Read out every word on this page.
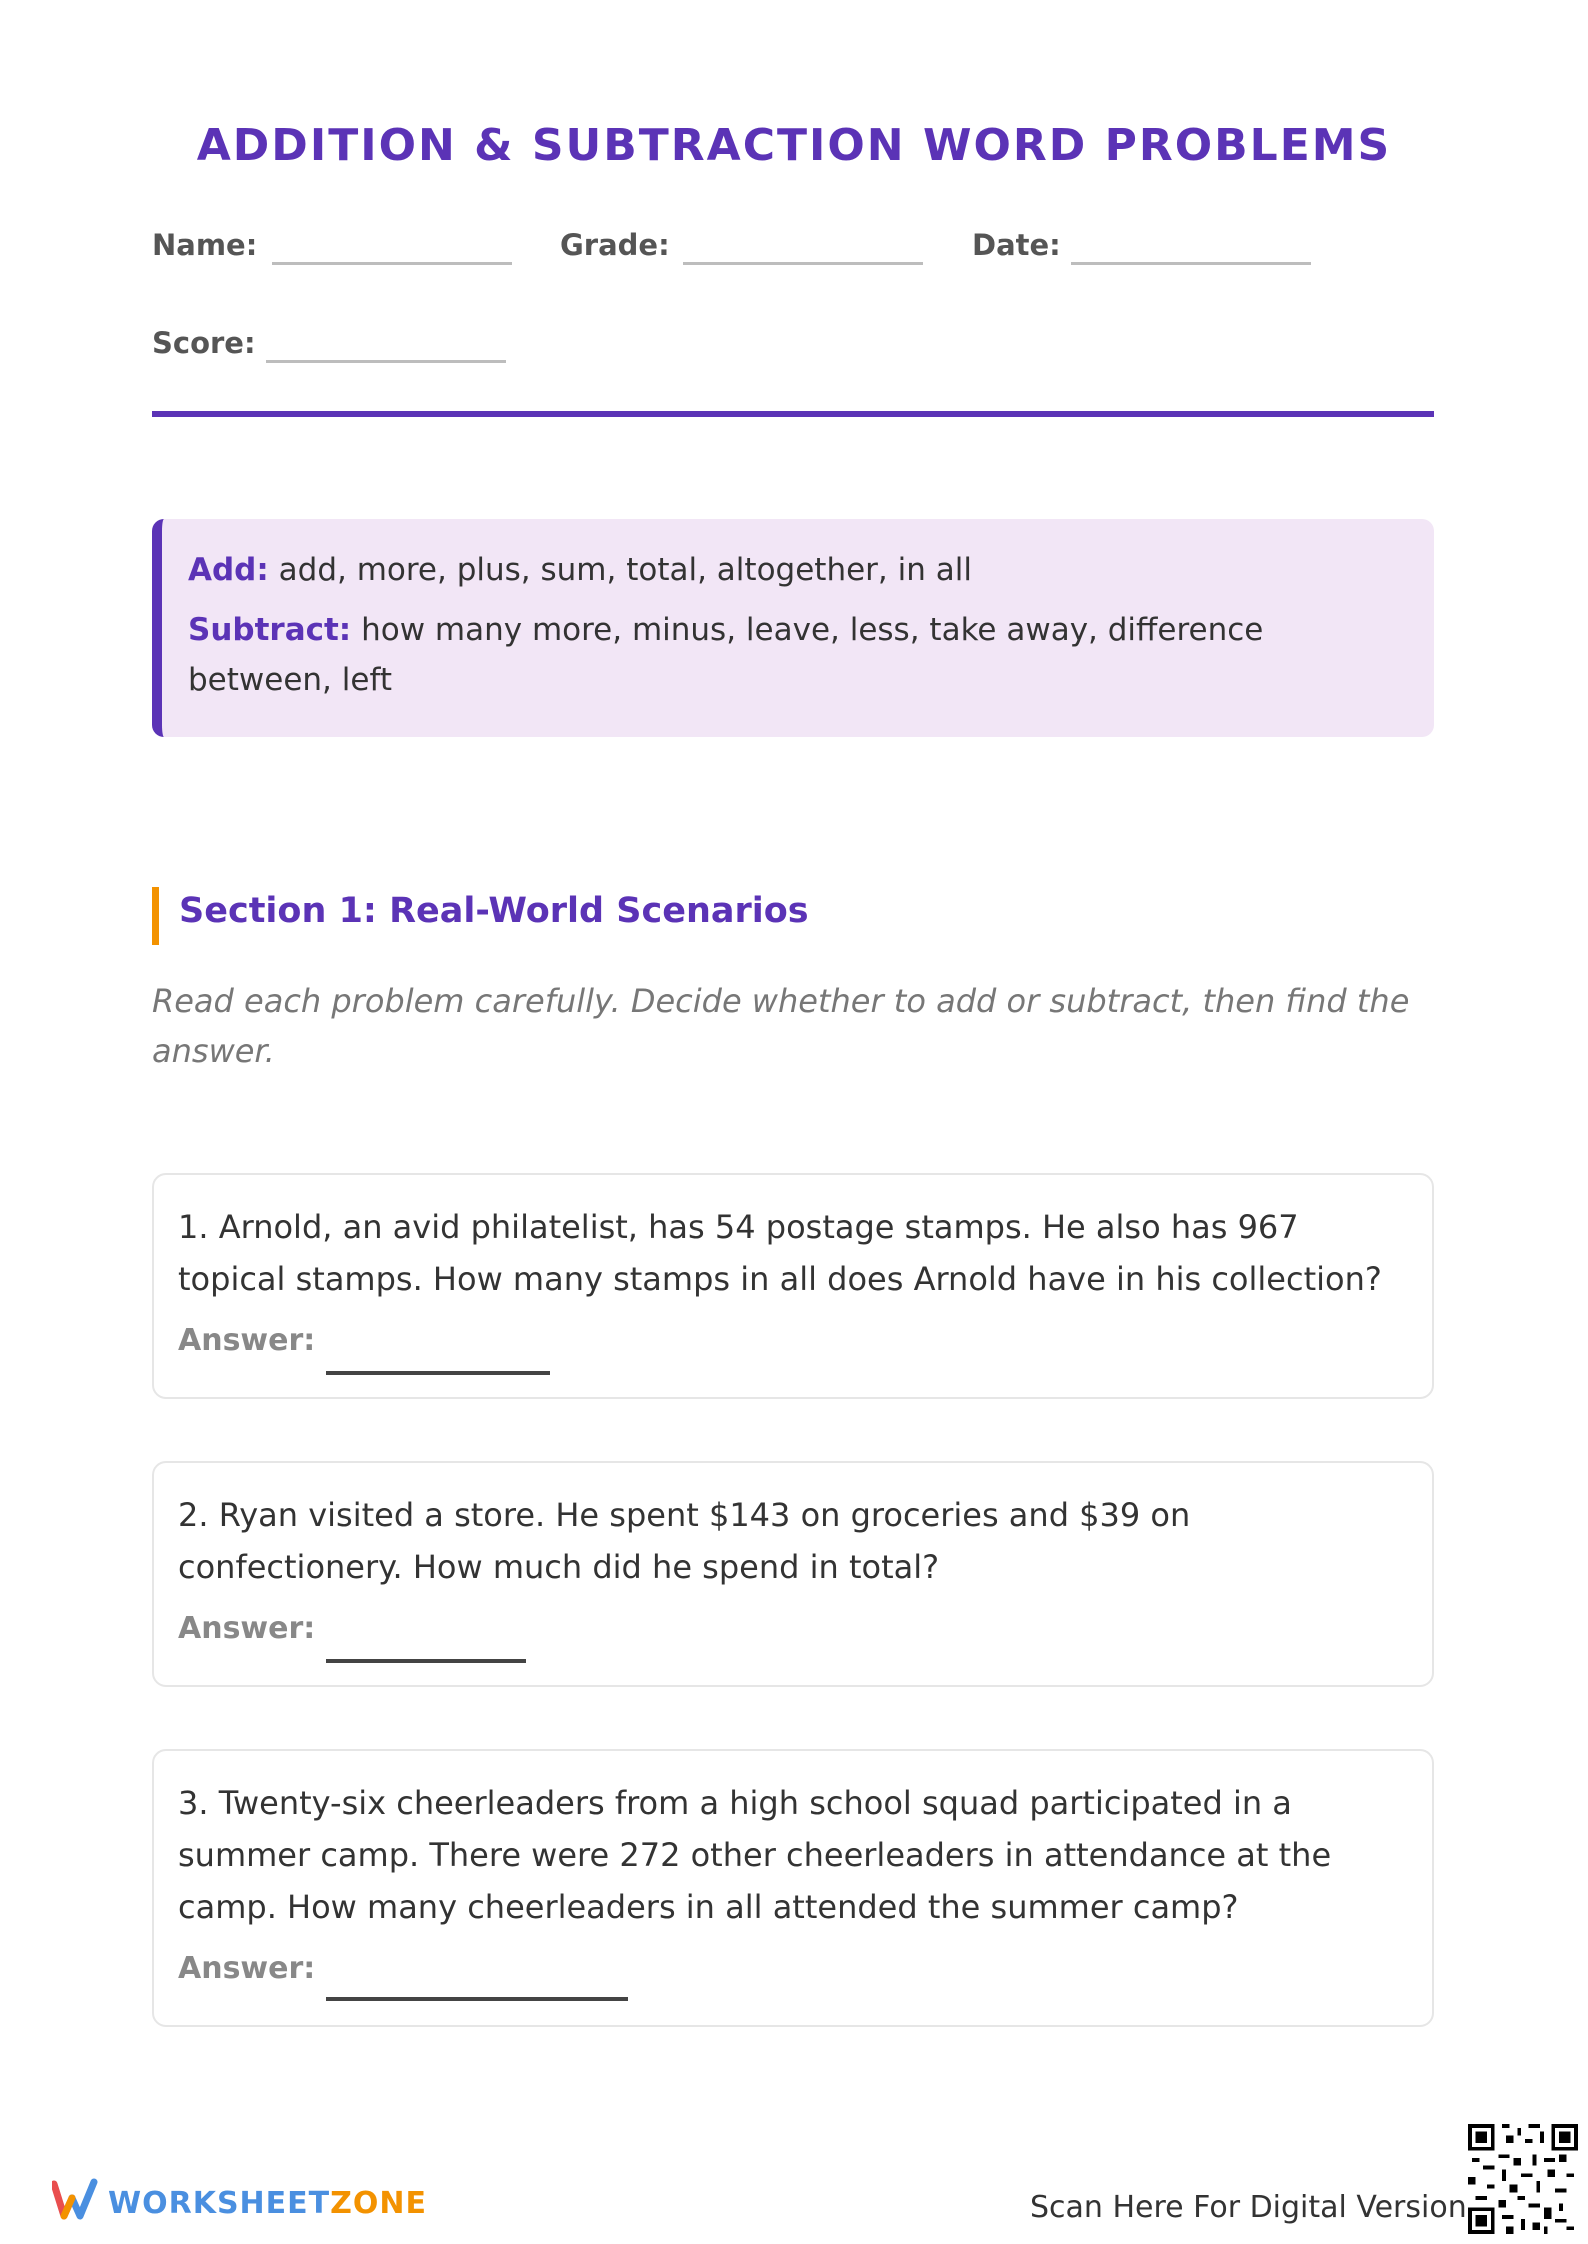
ADDITION & SUBTRACTION WORD PROBLEMS
Name:	Grade:	Date:
Score:
Add: add, more, plus, sum, total, altogether, in all
Subtract: how many more, minus, leave, less, take away, difference between, left
Section 1: Real-World Scenarios
Read each problem carefully. Decide whether to add or subtract, then find the answer.
1. Arnold, an avid philatelist, has 54 postage stamps. He also has 967 topical stamps. How many stamps in all does Arnold have in his collection?
Answer:
2. Ryan visited a store. He spent $143 on groceries and $39 on confectionery. How much did he spend in total?
Answer:
3. Twenty-six cheerleaders from a high school squad participated in a summer camp. There were 272 other cheerleaders in attendance at the camp. How many cheerleaders in all attended the summer camp?
Answer:
WORKSHEETZONE	Scan Here For Digital Version
